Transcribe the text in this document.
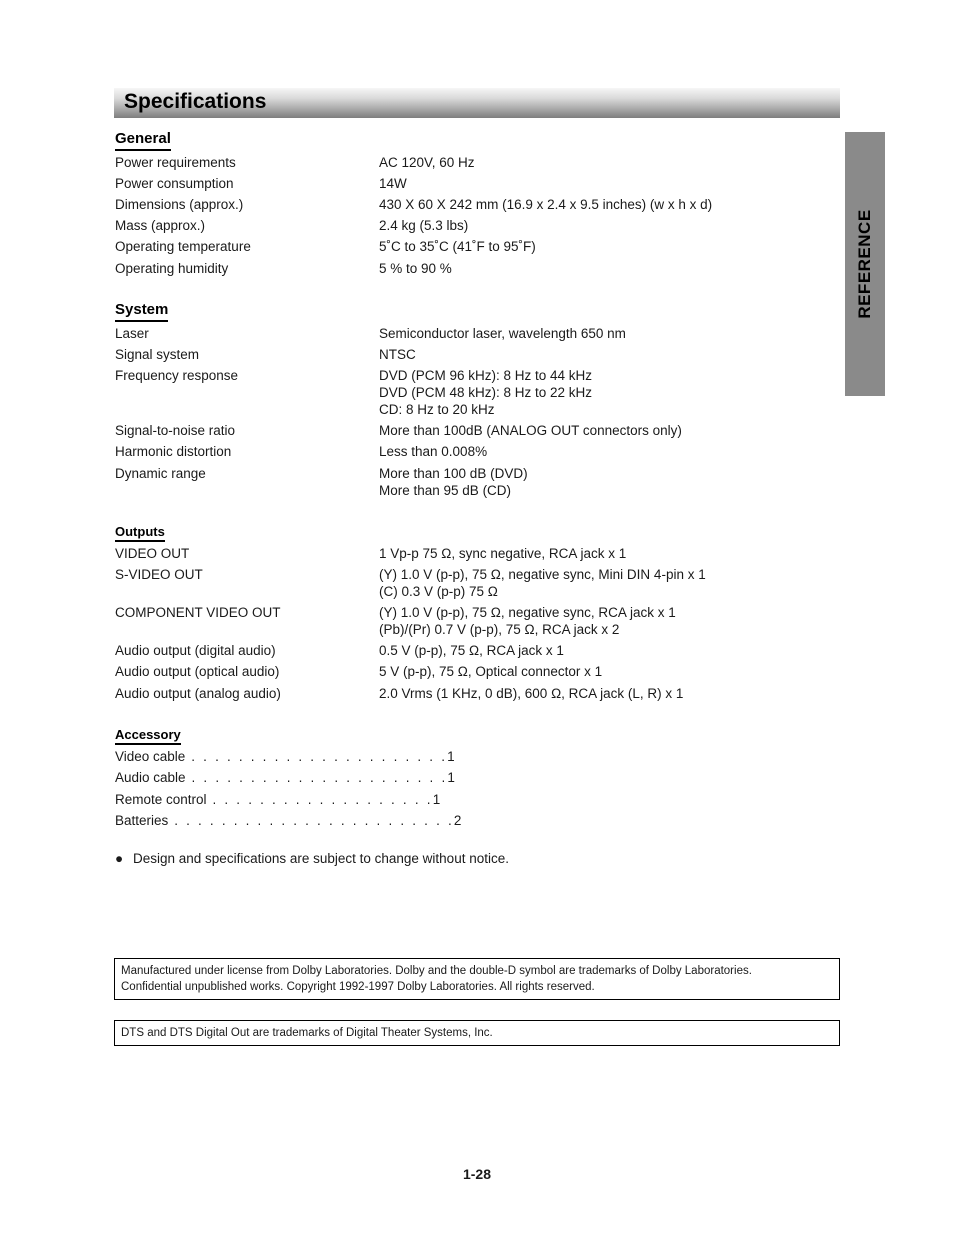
Specifications
REFERENCE
General
Power requirements	AC 120V, 60 Hz
Power consumption	14W
Dimensions (approx.)	430 X 60 X 242 mm (16.9 x 2.4 x 9.5 inches) (w x h x d)
Mass (approx.)	2.4 kg (5.3 lbs)
Operating temperature	5˚C to 35˚C (41˚F to 95˚F)
Operating humidity	5 % to 90 %
System
Laser	Semiconductor laser, wavelength 650 nm
Signal system	NTSC
Frequency response	DVD (PCM 96 kHz): 8 Hz to 44 kHz
DVD (PCM 48 kHz): 8 Hz to 22 kHz
CD: 8 Hz to 20 kHz
Signal-to-noise ratio	More than 100dB (ANALOG OUT connectors only)
Harmonic distortion	Less than 0.008%
Dynamic range	More than 100 dB (DVD)
More than 95 dB (CD)
Outputs
VIDEO OUT	1 Vp-p 75 Ω, sync negative, RCA jack x 1
S-VIDEO OUT	(Y) 1.0 V (p-p), 75 Ω, negative sync, Mini DIN 4-pin x 1
(C) 0.3 V (p-p) 75 Ω
COMPONENT VIDEO OUT	(Y) 1.0 V (p-p), 75 Ω, negative sync, RCA jack x 1
(Pb)/(Pr) 0.7 V (p-p), 75 Ω, RCA jack x 2
Audio output (digital audio)	0.5 V (p-p), 75 Ω, RCA jack x 1
Audio output (optical audio)	5 V (p-p), 75 Ω, Optical connector x 1
Audio output (analog audio)	2.0 Vrms (1 KHz, 0 dB), 600 Ω, RCA jack (L, R) x 1
Accessory
Video cable . . . . . . . . . . . . . . . . . . . . . .1
Audio cable . . . . . . . . . . . . . . . . . . . . . .1
Remote control . . . . . . . . . . . . . . . . . . .1
Batteries . . . . . . . . . . . . . . . . . . . . . . . .2
● Design and specifications are subject to change without notice.
Manufactured under license from Dolby Laboratories. Dolby and the double-D symbol are trademarks of Dolby Laboratories.
Confidential unpublished works. Copyright 1992-1997 Dolby Laboratories. All rights reserved.
DTS and DTS Digital Out are trademarks of Digital Theater Systems, Inc.
1-28
